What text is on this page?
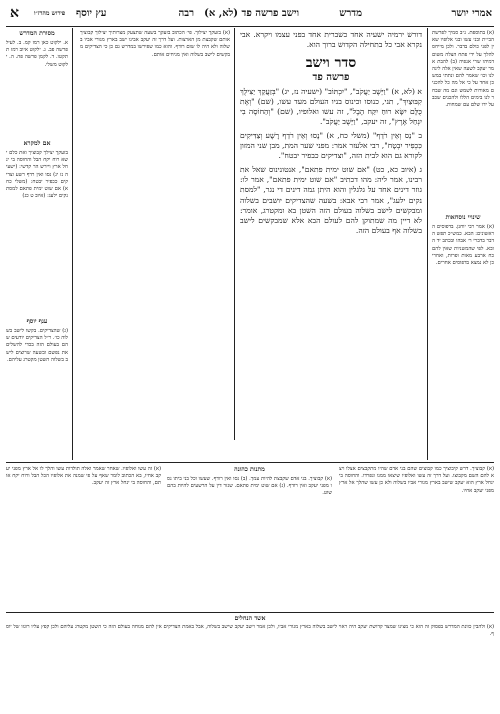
אמרי יושר
מדרש
וישב פרשה פד (לא, א)
רבה
עץ יוסף
א	פירוש מהרז״ו
(א) בתוספת. נ״ב סמיך לפרשת הבי״ת ובני עשו ובני אלופיו שאין לפני כולם בדבר. ולכן מייחס להלך על ידי פתח הצלה משום דמיהו שרי אנפיה (ב) להבת אמר יעקב לשעה שאין אלה לינה לנו וכו׳ שאמר להם ונתתי במשכן אחד על כי אל מה כל להכנים מאורות לשמש וגם מה שבחר לנו בימים הללו ולהכנים שכב על ידו שלם עם שמחות.
שינויי נוסחאות
(א) אמר רבי יוחנן. בדפוסים הראשונים: הבא. כמש״כ תפש הדבר בדברי ר׳ אבהו ובכתב יד הובא. לפי שהמשניות שאין להם כח ארבע מאות ופרות, ואחרי כן לא נמצא בדפוסים אחרים.
(א) בזעקך יצילוך. פי׳ הכתוב בזעקך בשעה שתצעק מצרותיך יצילוך קבוציך אותם שקבצת מן הארצות. ועל דרך זה יעקב אבינו ישב בארץ מגורי אביו בשלוה ולא היה לו שום רודף. והוא כמו שפירשו במדרש גם כן כי הצדיקים מבקשים לישב בשלוה ואין מניחים אותם.
דורש ירמיה ישעיה אחד כשברית אחד בפני עצמו ויקרא. אבי נקרא אבי כל בתחילה הקדוש ברוך הוא.
סדר וישב
פרשה פד
א (לא, א) "וַיֵּשֶׁב יַעֲקֹב", "יִכְתּוֹב" (ישעיה נז, יג) "בְּזַעֲקֵךְ יַצִּילֻךְ קִבּוּצַיִךְ", תני, כנוסו וכינוס בניו העולם מעד עשו, (שם) "וְאֶת כֻּלָּם יִשָּׂא רוּחַ יִקַּח הָבֶל", זה עשו ואלופיו, (שם) "וְהַחוֹסֶה בִי יִנְחַל אֶרֶץ", זה יעקב, "וַיֵּשֶׁב יַעֲקֹב".
ב "נֵס וְאֵין רֹדֵף" (משלי כח, א) "נָסוּ וְאֵין רֹדֵף רָשָׁע וְצַדִּיקִים כִּכְפִיר יִבְטָח", רבי אלעזר אמר: מפני שער המת, מבן שני המזון לקורא גם הוא לבית הזה, "וצדיקים כבפיר יבטח".
ג (איוב כא, כט) "אם שוט ימית פתאם", אנטונינוס שאל את רבינו, אמר ליה: מהו דכתיב "אם שוט ימית פתאם", אמר לו: גוזר דינים אחד על גלגלין והוא היתן גמה דינים די נגר, "למסת נקים ילעג", אמר רבי אבא: בשעה שהצדיקים יושבים בשלוה ומבקשים לישב בשלוה בעולם הזה השטן בא ומקטרג, אומר: לא דיין מה שמתוקן להם לעולם הבא אלא שמבקשים לישב בשלוה אף בעולם הזה.
מסורת המדרש
א. ילקוט כאן רמז קמ. ב. לעיל פרשה פב. ג. ילקוט איוב רמז תתקטו. ד. לקמן פרשה פה. ה. ילקוט משלי.
אם למקרא
בזעקך יצילך קבוציך ואת כלם ישא רוח יקח הבל והחוסה בי ינחל ארץ ויירש הר קדשי: (ישעיה נז יג) נסו ואין רדף רשע וצדיקים ככפיר יבטח: (משלי כח א) אם שוט ימית פתאם למסת נקים ילעג: (איוב ט כג)
ענף יוסף
(ג) שהצדיקים. בקשו לישב בשלוה כו׳. ר״ל הצדיקים יודעים שהם בעולם הזה בכדי להשלים את נפשם ובשעה שרוצים לישב בשלוה השטן מקטרג עליהם.
(א) קבוציך. דרש קיבוציך כמו קבוצים שהם בני אדם שהיו מתקבצים אצלו ויצא להם השם מקבוצו. ועל דרך זה עשו ואלופיו שיצאו ממנו ונפרדו. והחוסה בי ינחל ארץ הוא יעקב שישב בארץ מגורי אביו בשלוה ולא כן עשו שהלך אל ארץ מפני יעקב אחיו.
מתנות כהונה
(א) קבוציך. בני אדם שקבצת להיות עמך. (ב) נסו ואין רודף. שעשו וכל בני ביתו נסו מפני יעקב ואין רודף. (ג) אם שוט ימית פתאם. שגזר דין על הרשעים להיות בהם שוט.
(א) זה עשו ואלופיו. שאחר שאמר ואלה תולדות עשו והלך לו אל ארץ מפני יעקב אחיו, בא הכתוב לומר שאף על פי שמנה את אלופיו הכל הבל ורוח יקח אותם, והחוסה בי ינחל ארץ זה יעקב.
אשד הנחלים
(א) ולהבין כוונת המדרש בפסוק זה הוא כי מצינו שמצד קדושת יעקב היה ראוי לישב בשלוה בארץ מגורי אביו, ולכן אמר וישב יעקב שישב בשלוה, אבל באמת הצדיקים אין להם מנוחה בעולם הזה כי השטן מקטרג עליהם ולכן קפץ עליו רוגזו של יוסף.
